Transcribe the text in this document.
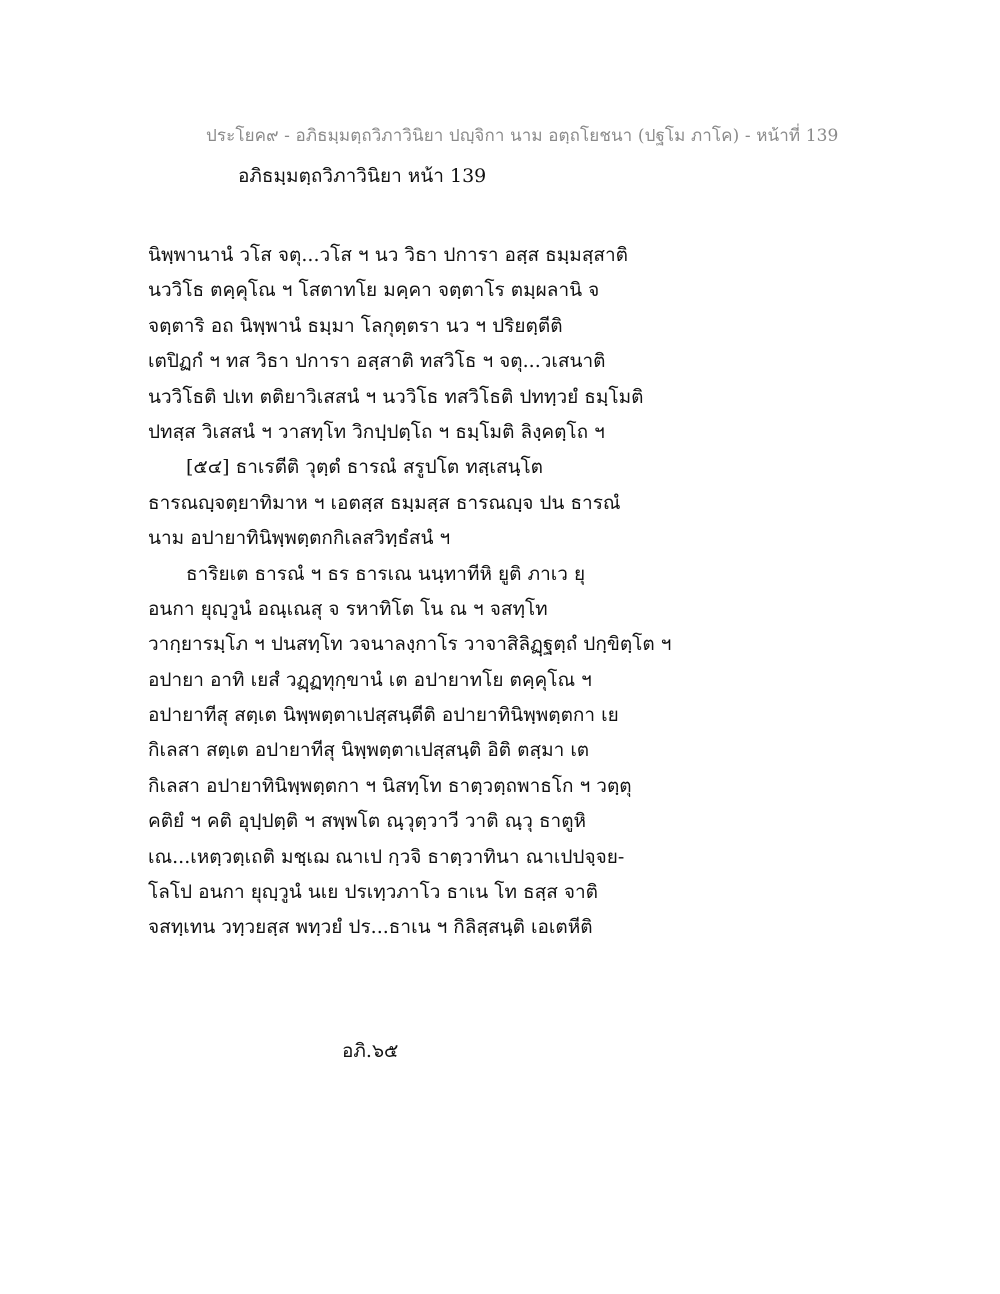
ประโยค๙ - อภิธมฺมตฺถวิภาวินิยา ปญฺจิกา นาม อตฺถโยชนา (ปฐโม ภาโค) - หน้าที่ 139
อภิธมฺมตฺถวิภาวินิยา หน้า 139
นิพฺพานานํ วโส จตุ...วโส ฯ นว วิธา ปการา อสฺส ธมฺมสฺสาติ
นววิโธ ตคฺคุโณ ฯ โสตาทโย มคฺคา จตฺตาโร ตมฺผลานิ จ
จตฺตาริ อถ นิพฺพานํ ธมฺมา โลกุตฺตรา นว ฯ ปริยตฺตีติ
เตปิฏกํ ฯ ทส วิธา ปการา อสฺสาติ ทสวิโธ ฯ จตุ...วเสนาติ
นววิโธติ ปเท ตติยาวิเสสนํ ฯ นววิโธ ทสวิโธติ ปททฺวยํ ธมฺโมติ
ปทสฺส วิเสสนํ ฯ วาสทฺโท วิกปฺปตฺโถ ฯ ธมฺโมติ ลิงฺคตฺโถ ฯ
[๕๔] ธาเรตีติ วุตฺตํ ธารณํ สรูปโต ทสฺเสนฺโต
ธารณญฺจตฺยาทิมาห ฯ เอตสฺส ธมฺมสฺส ธารณญฺจ ปน ธารณํ
นาม อปายาทินิพฺพตฺตกกิเลสวิทฺธํสนํ ฯ
ธาริยเต ธารณํ ฯ ธร ธารเณ นนฺทาทีหิ ยูติ ภาเว ยุ
อนกา ยุญฺวูนํ อณฺเณสุ จ รหาทิโต โน ณ ฯ จสทฺโท
วากฺยารมฺโภ ฯ ปนสทฺโท วจนาลงฺกาโร วาจาสิลิฏฺฐตฺถํ ปกฺขิตฺโต ฯ
อปายา อาทิ เยสํ วฏฺฏทุกฺขานํ เต อปายาทโย ตคฺคุโณ ฯ
อปายาทีสุ สตฺเต นิพฺพตฺตาเปสฺสนฺตีติ อปายาทินิพฺพตฺตกา เย
กิเลสา สตฺเต อปายาทีสุ นิพฺพตฺตาเปสฺสนฺติ อิติ ตสฺมา เต
กิเลสา อปายาทินิพฺพตฺตกา ฯ นิสทฺโท ธาตฺวตฺถพาธโก ฯ วตฺตุ
คติยํ ฯ คติ อุปฺปตฺติ ฯ สพฺพโต ณฺวุตฺวาวี วาติ ณฺวุ ธาตูหิ
เณ...เหตฺวตฺเถติ มชฺเฌ ณาเป กฺวจิ ธาตฺวาทินา ณาเปปจฺจย-
โลโป อนกา ยุญฺวูนํ นเย ปรเทฺวภาโว ธาเน โท ธสฺส จาติ
จสทฺเทน วทฺวยสฺส พทฺวยํ ปร...ธาเน ฯ กิลิสฺสนฺติ เอเตหีติ
อภิ.๖๕
